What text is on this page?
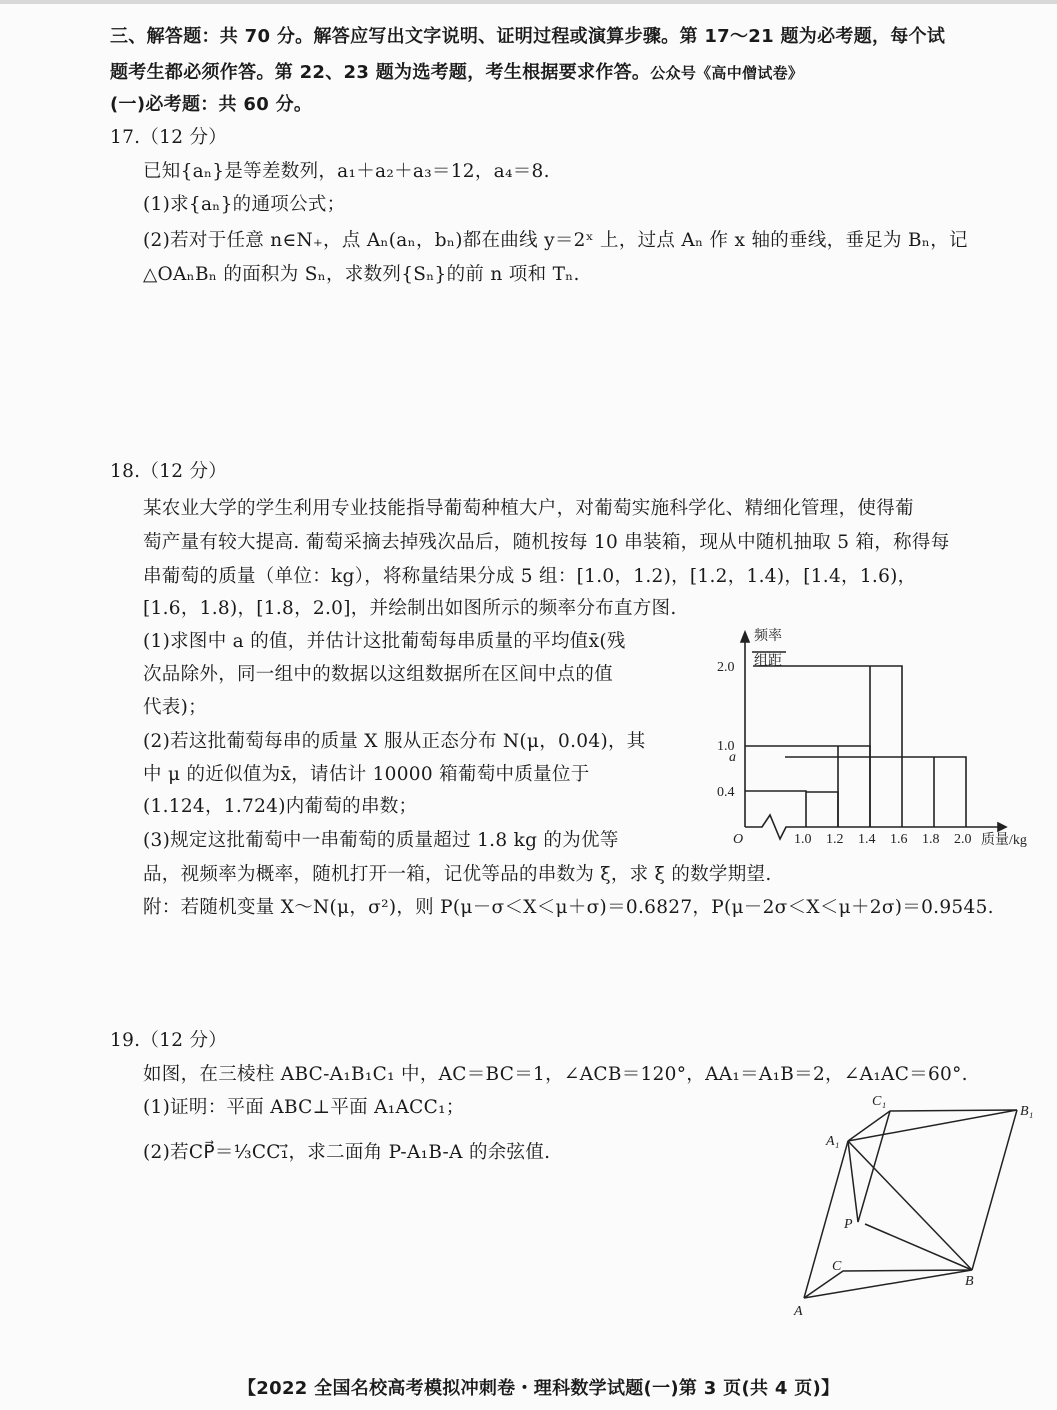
三、解答题：共 70 分。解答应写出文字说明、证明过程或演算步骤。第 17～21 题为必考题，每个试
题考生都必须作答。第 22、23 题为选考题，考生根据要求作答。公众号《高中僧试卷》
(一)必考题：共 60 分。
17.（12 分）
已知{aₙ}是等差数列，a₁＋a₂＋a₃＝12，a₄＝8.
(1)求{aₙ}的通项公式；
(2)若对于任意 n∈N₊，点 Aₙ(aₙ，bₙ)都在曲线 y＝2ˣ 上，过点 Aₙ 作 x 轴的垂线，垂足为 Bₙ，记
△OAₙBₙ 的面积为 Sₙ，求数列{Sₙ}的前 n 项和 Tₙ.
18.（12 分）
某农业大学的学生利用专业技能指导葡萄种植大户，对葡萄实施科学化、精细化管理，使得葡
萄产量有较大提高. 葡萄采摘去掉残次品后，随机按每 10 串装箱，现从中随机抽取 5 箱，称得每
串葡萄的质量（单位：kg），将称量结果分成 5 组：[1.0，1.2)，[1.2，1.4)，[1.4，1.6)，
[1.6，1.8)，[1.8，2.0]，并绘制出如图所示的频率分布直方图.
(1)求图中 a 的值，并估计这批葡萄每串质量的平均值x̄(残
次品除外，同一组中的数据以这组数据所在区间中点的值
代表)；
(2)若这批葡萄每串的质量 X 服从正态分布 N(μ，0.04)，其
中 μ 的近似值为x̄，请估计 10000 箱葡萄中质量位于
(1.124，1.724)内葡萄的串数；
(3)规定这批葡萄中一串葡萄的质量超过 1.8 kg 的为优等
品，视频率为概率，随机打开一箱，记优等品的串数为 ξ，求 ξ 的数学期望.
附：若随机变量 X～N(μ，σ²)，则 P(μ－σ＜X＜μ＋σ)＝0.6827，P(μ－2σ＜X＜μ＋2σ)＝0.9545.
频率
组距
2.0
1.0
a
0.4
O	1.0 1.2 1.4 1.6 1.8 2.0 质量/kg
19.（12 分）
如图，在三棱柱 ABC-A₁B₁C₁ 中，AC＝BC＝1，∠ACB＝120°，AA₁＝A₁B＝2，∠A₁AC＝60°.
(1)证明：平面 ABC⊥平面 A₁ACC₁；
(2)若CP⃗＝⅓CC₁⃗，求二面角 P-A₁B-A 的余弦值.
C₁
B₁
A₁
P
C
B
A
【2022 全国名校高考模拟冲刺卷・理科数学试题(一)第 3 页(共 4 页)】
